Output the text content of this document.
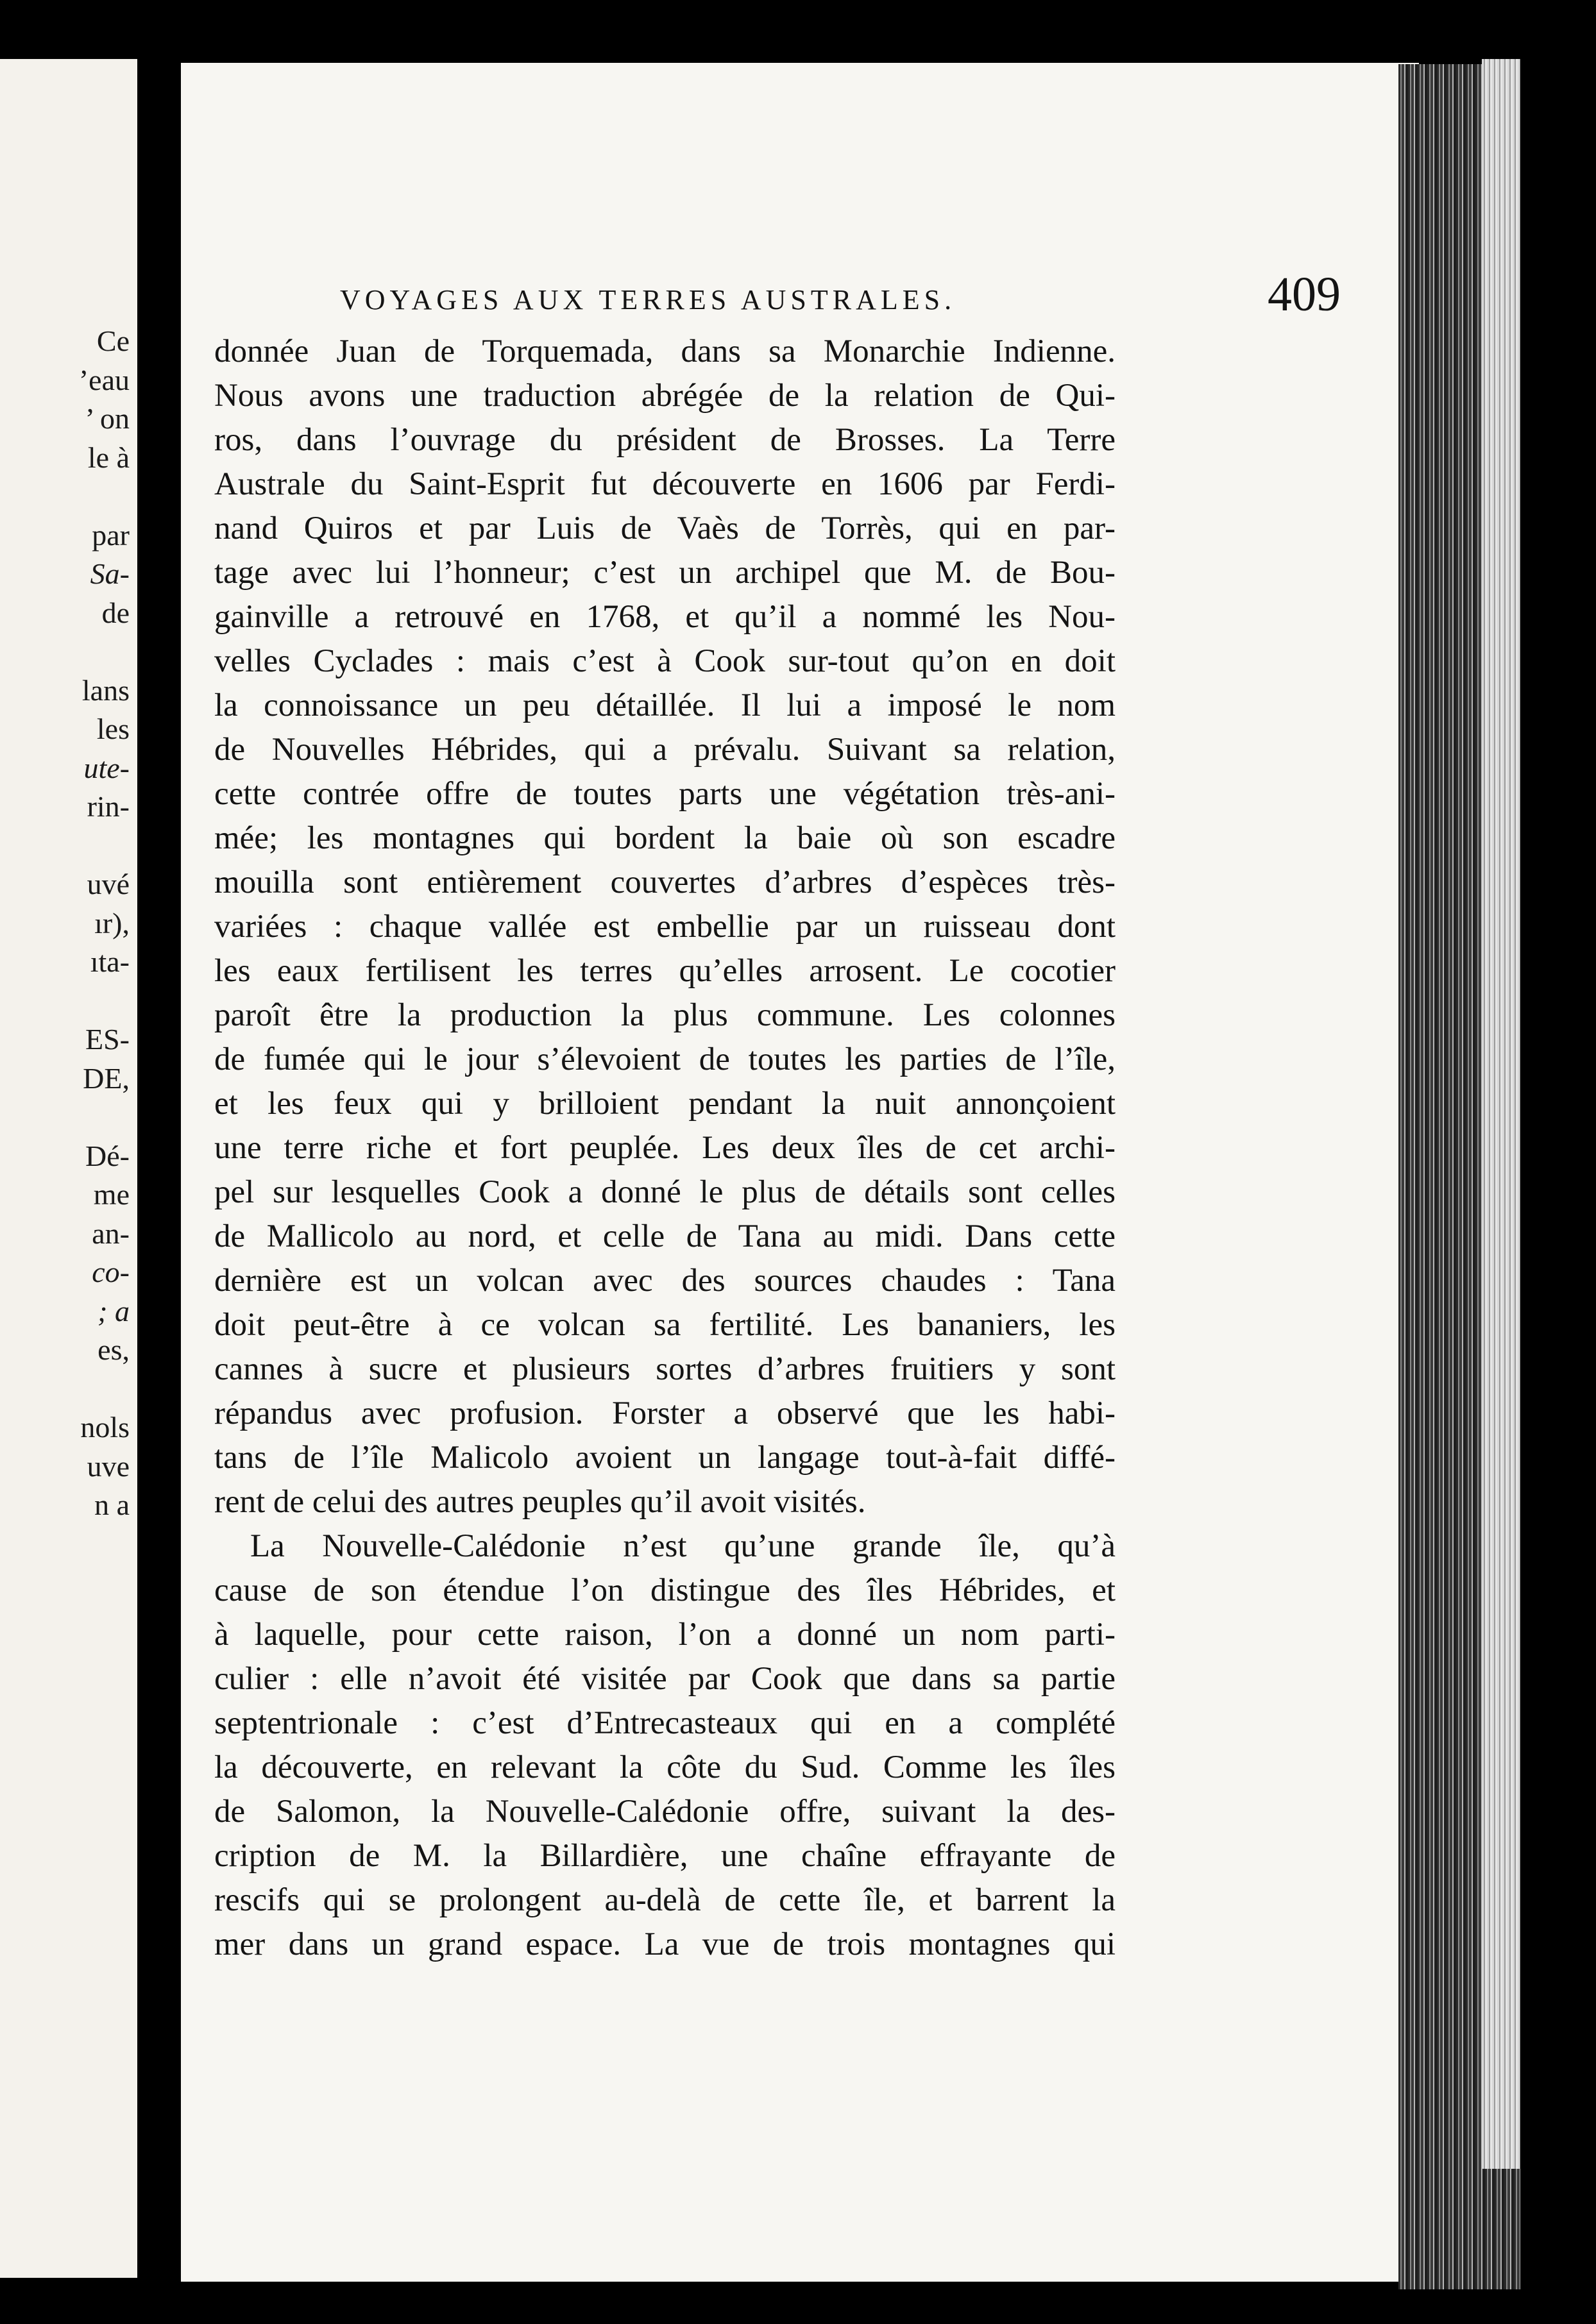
Ce
’eau
’ on
le à
par
Sa-
de
lans
les
ute-
rin-
uvé
ır),
ıta-
ES-
DE,
Dé-
me
an-
co-
; a
es,
nols
uve
n a
VOYAGES AUX TERRES AUSTRALES.	409
donnée Juan de Torquemada, dans sa Monarchie Indienne.
Nous avons une traduction abrégée de la relation de Qui-
ros, dans l’ouvrage du président de Brosses. La Terre
Australe du Saint-Esprit fut découverte en 1606 par Ferdi-
nand Quiros et par Luis de Vaès de Torrès, qui en par-
tage avec lui l’honneur; c’est un archipel que M. de Bou-
gainville a retrouvé en 1768, et qu’il a nommé les Nou-
velles Cyclades : mais c’est à Cook sur-tout qu’on en doit
la connoissance un peu détaillée. Il lui a imposé le nom
de Nouvelles Hébrides, qui a prévalu. Suivant sa relation,
cette contrée offre de toutes parts une végétation très-ani-
mée; les montagnes qui bordent la baie où son escadre
mouilla sont entièrement couvertes d’arbres d’espèces très-
variées : chaque vallée est embellie par un ruisseau dont
les eaux fertilisent les terres qu’elles arrosent. Le cocotier
paroît être la production la plus commune. Les colonnes
de fumée qui le jour s’élevoient de toutes les parties de l’île,
et les feux qui y brilloient pendant la nuit annonçoient
une terre riche et fort peuplée. Les deux îles de cet archi-
pel sur lesquelles Cook a donné le plus de détails sont celles
de Mallicolo au nord, et celle de Tana au midi. Dans cette
dernière est un volcan avec des sources chaudes : Tana
doit peut-être à ce volcan sa fertilité. Les bananiers, les
cannes à sucre et plusieurs sortes d’arbres fruitiers y sont
répandus avec profusion. Forster a observé que les habi-
tans de l’île Malicolo avoient un langage tout-à-fait diffé-
rent de celui des autres peuples qu’il avoit visités.
La Nouvelle-Calédonie n’est qu’une grande île, qu’à
cause de son étendue l’on distingue des îles Hébrides, et
à laquelle, pour cette raison, l’on a donné un nom parti-
culier : elle n’avoit été visitée par Cook que dans sa partie
septentrionale : c’est d’Entrecasteaux qui en a complété
la découverte, en relevant la côte du Sud. Comme les îles
de Salomon, la Nouvelle-Calédonie offre, suivant la des-
cription de M. la Billardière, une chaîne effrayante de
rescifs qui se prolongent au-delà de cette île, et barrent la
mer dans un grand espace. La vue de trois montagnes qui
